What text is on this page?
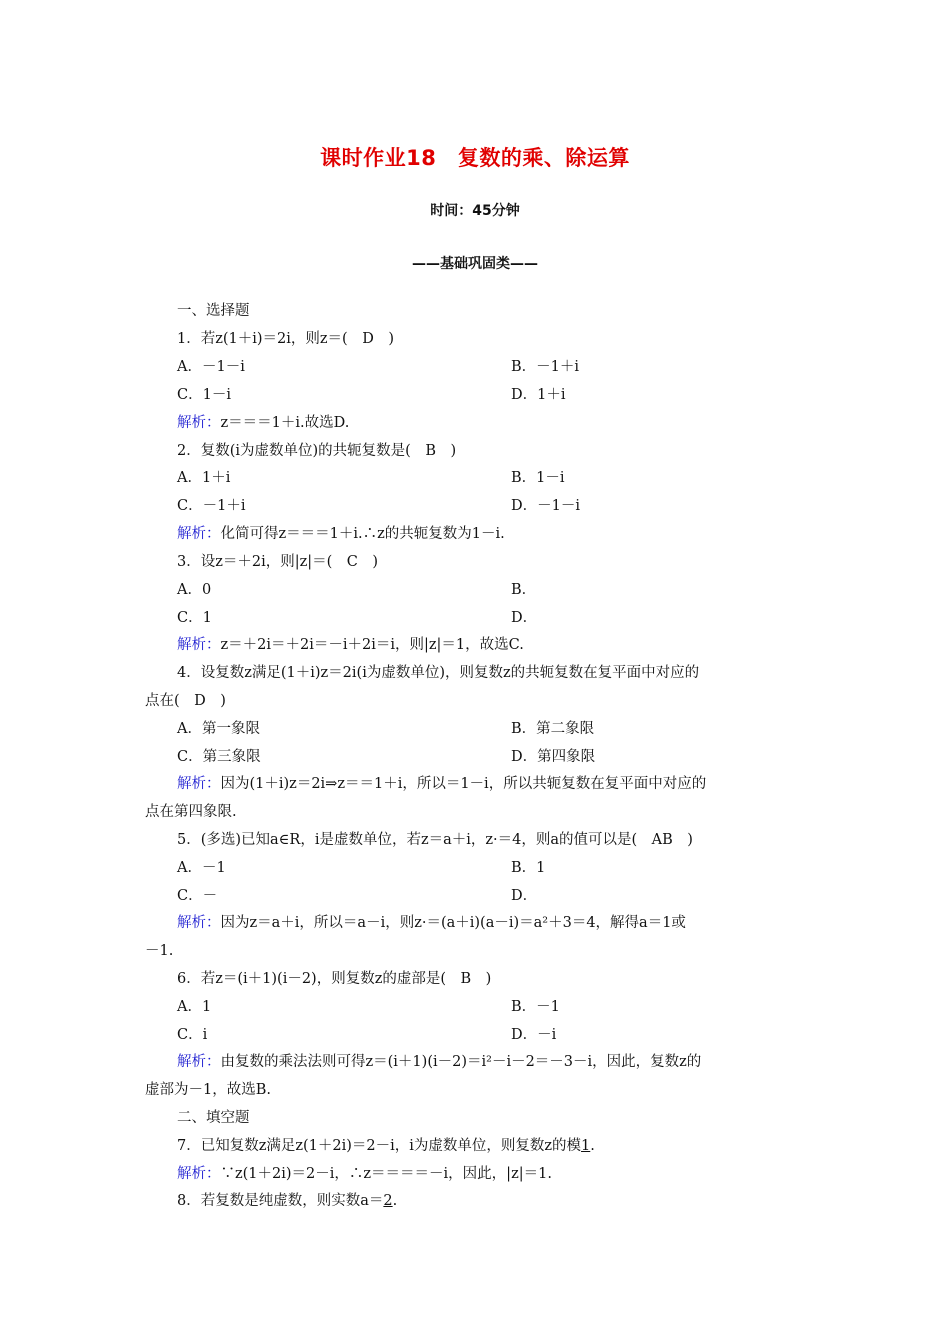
课时作业18　复数的乘、除运算
时间：45分钟
——基础巩固类——
一、选择题
1．若z(1＋i)＝2i，则z＝(　D　)
A．－1－i	B．－1＋i
C．1－i	D．1＋i
解析：z＝＝＝1＋i.故选D.
2．复数(i为虚数单位)的共轭复数是(　B　)
A．1＋i	B．1－i
C．－1＋i	D．－1－i
解析：化简可得z＝＝＝1＋i.∴z的共轭复数为1－i.
3．设z＝＋2i，则|z|＝(　C　)
A．0	B．
C．1	D．
解析：z＝＋2i＝＋2i＝－i＋2i＝i，则|z|＝1，故选C.
4．设复数z满足(1＋i)z＝2i(i为虚数单位)，则复数z的共轭复数在复平面中对应的
点在(　D　)
A．第一象限	B．第二象限
C．第三象限	D．第四象限
解析：因为(1＋i)z＝2i⇒z＝＝1＋i，所以＝1－i，所以共轭复数在复平面中对应的
点在第四象限.
5．(多选)已知a∈R，i是虚数单位，若z＝a＋i，z·＝4，则a的值可以是(　AB　)
A．－1	B．1
C．－	D．
解析：因为z＝a＋i，所以＝a－i，则z·＝(a＋i)(a－i)＝a²＋3＝4，解得a＝1或
－1.
6．若z＝(i＋1)(i－2)，则复数z的虚部是(　B　)
A．1	B．－1
C．i	D．－i
解析：由复数的乘法法则可得z＝(i＋1)(i－2)＝i²－i－2＝－3－i，因此，复数z的
虚部为－1，故选B.
二、填空题
7．已知复数z满足z(1＋2i)＝2－i，i为虚数单位，则复数z的模1.
解析：∵z(1＋2i)＝2－i，∴z＝＝＝＝－i，因此，|z|＝1.
8．若复数是纯虚数，则实数a＝2.
